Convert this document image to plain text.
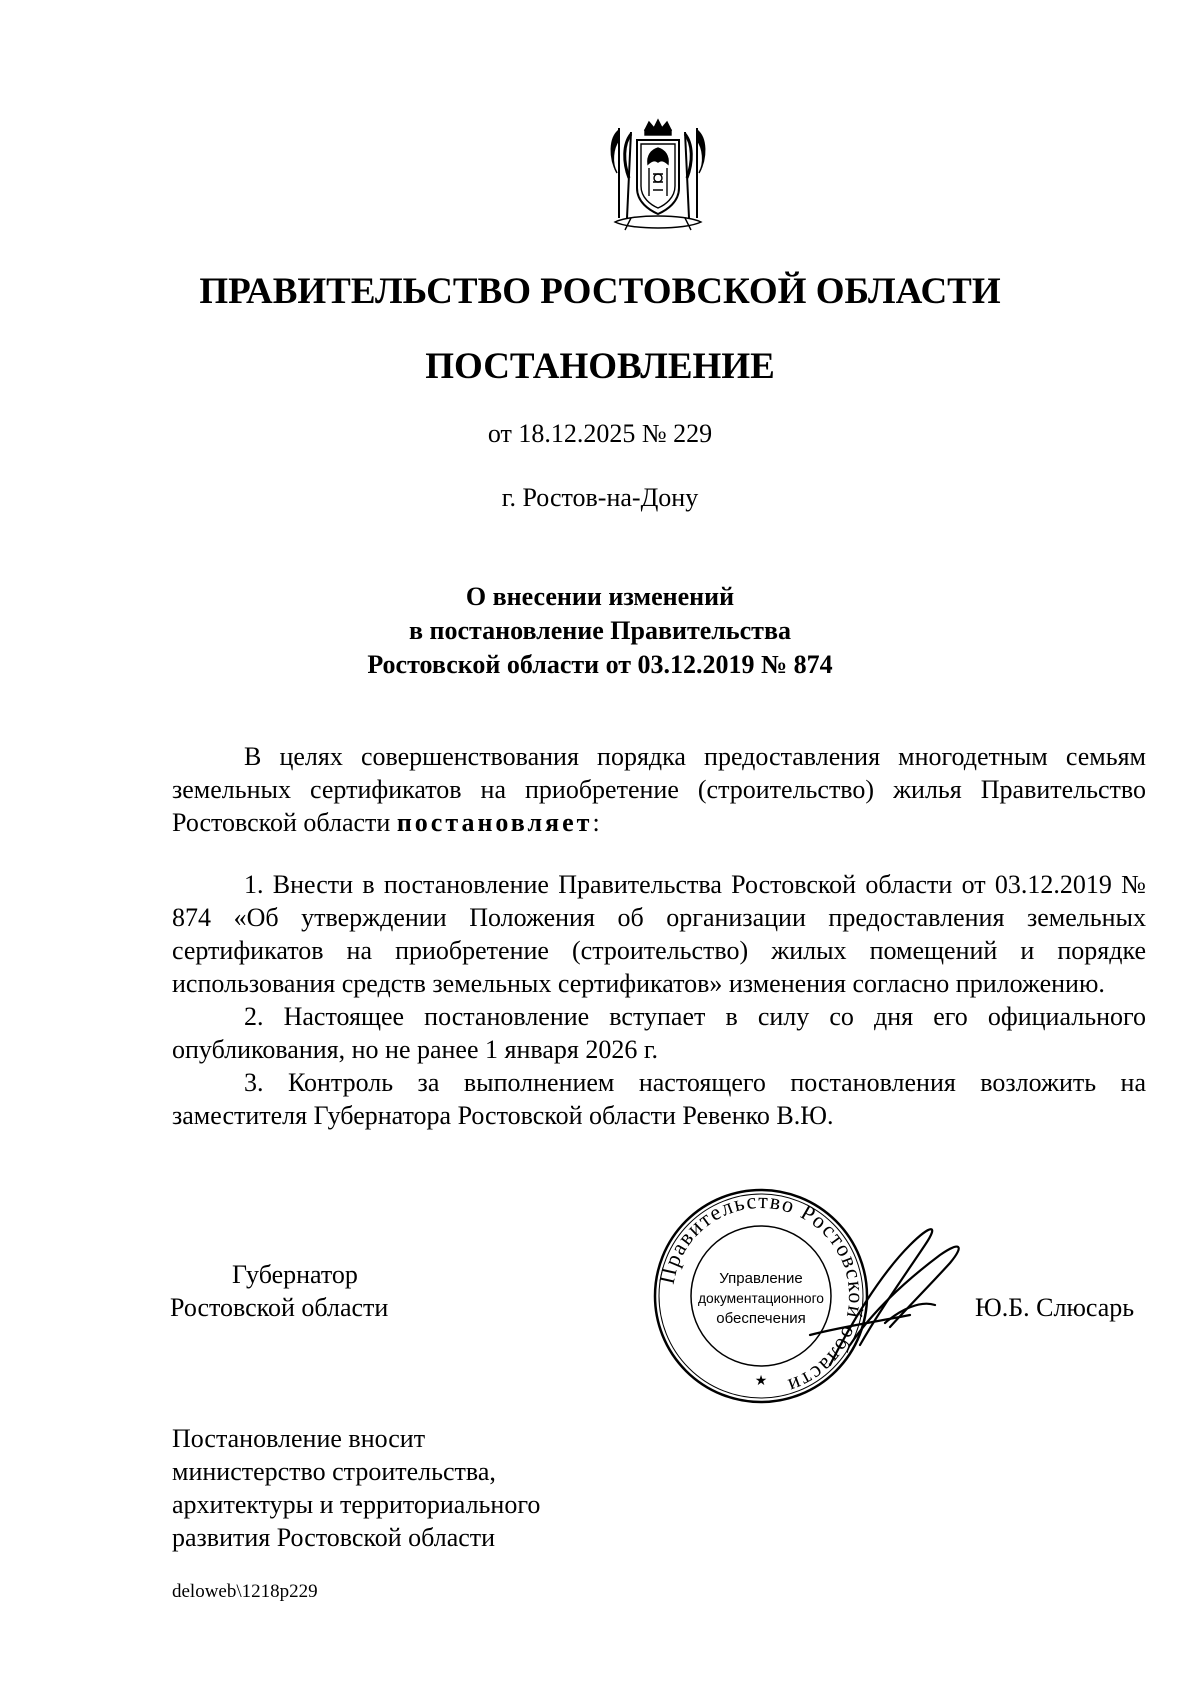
ПРАВИТЕЛЬСТВО РОСТОВСКОЙ ОБЛАСТИ
ПОСТАНОВЛЕНИЕ
от 18.12.2025 № 229
г. Ростов-на-Дону
О внесении изменений
в постановление Правительства
Ростовской области от 03.12.2019 № 874

В целях совершенствования порядка предоставления многодетным семьям земельных сертификатов на приобретение (строительство) жилья Правительство Ростовской области постановляет:

1. Внести в постановление Правительства Ростовской области от 03.12.2019 № 874 «Об утверждении Положения об организации предоставления земельных сертификатов на приобретение (строительство) жилых помещений и порядке использования средств земельных сертификатов» изменения согласно приложению.

2. Настоящее постановление вступает в силу со дня его официального опубликования, но не ранее 1 января 2026 г.

3. Контроль за выполнением настоящего постановления возложить на заместителя Губернатора Ростовской области Ревенко В.Ю.

Губернатор
Ростовской области
Правительство Ростовской области
Управление
документационного
обеспечения
★
Ю.Б. Слюсарь
Постановление вносит
министерство строительства,
архитектуры и территориального
развития Ростовской области
deloweb\1218p229
